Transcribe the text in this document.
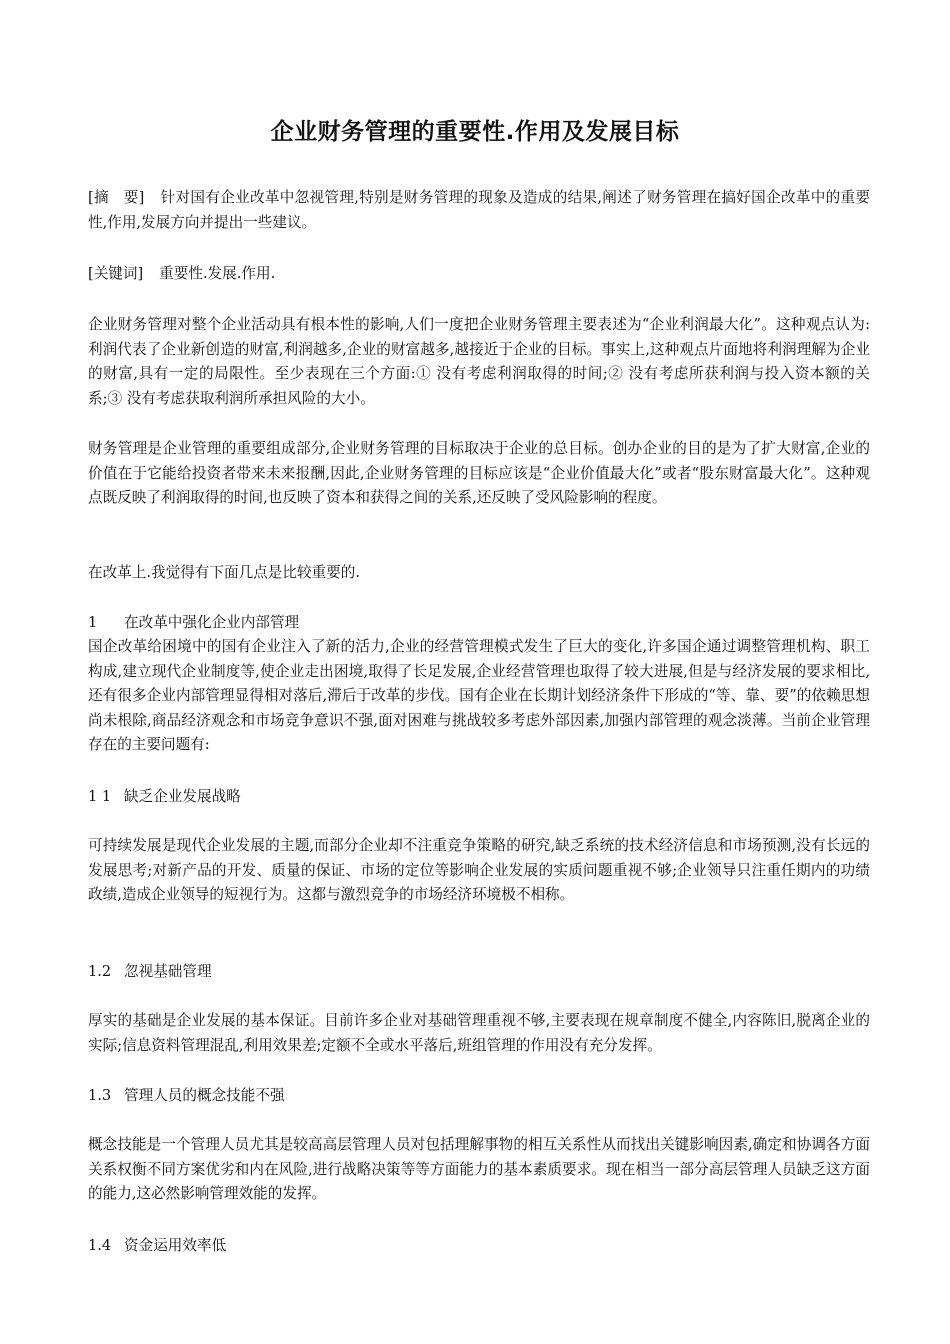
企业财务管理的重要性.作用及发展目标
[摘　要] 针对国有企业改革中忽视管理,特别是财务管理的现象及造成的结果,阐述了财务管理在搞好国企改革中的重要性,作用,发展方向并提出一些建议。
[关键词] 重要性.发展.作用.
企业财务管理对整个企业活动具有根本性的影响,人们一度把企业财务管理主要表述为“企业利润最大化”。这种观点认为:利润代表了企业新创造的财富,利润越多,企业的财富越多,越接近于企业的目标。事实上,这种观点片面地将利润理解为企业的财富,具有一定的局限性。至少表现在三个方面:① 没有考虑利润取得的时间;② 没有考虑所获利润与投入资本额的关系;③ 没有考虑获取利润所承担风险的大小。
财务管理是企业管理的重要组成部分,企业财务管理的目标取决于企业的总目标。创办企业的目的是为了扩大财富,企业的价值在于它能给投资者带来未来报酬,因此,企业财务管理的目标应该是“企业价值最大化”或者“股东财富最大化”。这种观点既反映了利润取得的时间,也反映了资本和获得之间的关系,还反映了受风险影响的程度。
在改革上.我觉得有下面几点是比较重要的.
1 在改革中强化企业内部管理
国企改革给困境中的国有企业注入了新的活力,企业的经营管理模式发生了巨大的变化,许多国企通过调整管理机构、职工构成,建立现代企业制度等,使企业走出困境,取得了长足发展,企业经营管理也取得了较大进展,但是与经济发展的要求相比,还有很多企业内部管理显得相对落后,滞后于改革的步伐。国有企业在长期计划经济条件下形成的“等、靠、要”的依赖思想尚未根除,商品经济观念和市场竞争意识不强,面对困难与挑战较多考虑外部因素,加强内部管理的观念淡薄。当前企业管理存在的主要问题有:
1 1 缺乏企业发展战略
可持续发展是现代企业发展的主题,而部分企业却不注重竞争策略的研究,缺乏系统的技术经济信息和市场预测,没有长远的发展思考;对新产品的开发、质量的保证、市场的定位等影响企业发展的实质问题重视不够;企业领导只注重任期内的功绩政绩,造成企业领导的短视行为。这都与激烈竞争的市场经济环境极不相称。
1.2 忽视基础管理
厚实的基础是企业发展的基本保证。目前许多企业对基础管理重视不够,主要表现在规章制度不健全,内容陈旧,脱离企业的实际;信息资料管理混乱,利用效果差;定额不全或水平落后,班组管理的作用没有充分发挥。
1.3 管理人员的概念技能不强
概念技能是一个管理人员尤其是较高高层管理人员对包括理解事物的相互关系性从而找出关键影响因素,确定和协调各方面关系权衡不同方案优劣和内在风险,进行战略决策等等方面能力的基本素质要求。现在相当一部分高层管理人员缺乏这方面的能力,这必然影响管理效能的发挥。
1.4 资金运用效率低
